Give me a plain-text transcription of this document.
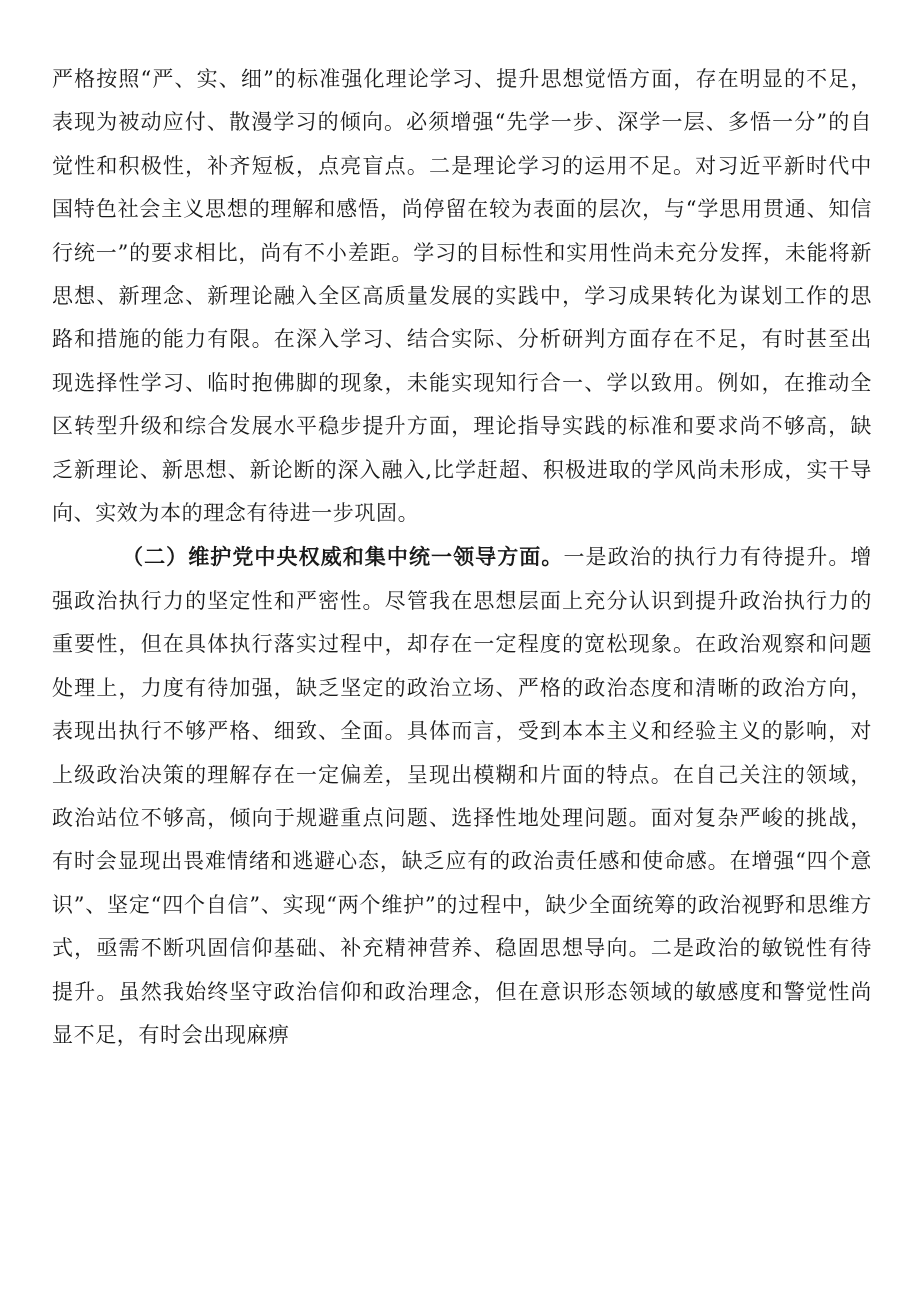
严格按照“严、实、细”的标准强化理论学习、提升思想觉悟方面，存在明显的不足，表现为被动应付、散漫学习的倾向。必须增强“先学一步、深学一层、多悟一分”的自觉性和积极性，补齐短板，点亮盲点。二是理论学习的运用不足。对习近平新时代中国特色社会主义思想的理解和感悟，尚停留在较为表面的层次，与“学思用贯通、知信行统一”的要求相比，尚有不小差距。学习的目标性和实用性尚未充分发挥，未能将新思想、新理念、新理论融入全区高质量发展的实践中，学习成果转化为谋划工作的思路和措施的能力有限。在深入学习、结合实际、分析研判方面存在不足，有时甚至出现选择性学习、临时抱佛脚的现象，未能实现知行合一、学以致用。例如，在推动全区转型升级和综合发展水平稳步提升方面，理论指导实践的标准和要求尚不够高，缺乏新理论、新思想、新论断的深入融入,比学赶超、积极进取的学风尚未形成，实干导向、实效为本的理念有待进一步巩固。

（二）维护党中央权威和集中统一领导方面。一是政治的执行力有待提升。增强政治执行力的坚定性和严密性。尽管我在思想层面上充分认识到提升政治执行力的重要性，但在具体执行落实过程中，却存在一定程度的宽松现象。在政治观察和问题处理上，力度有待加强，缺乏坚定的政治立场、严格的政治态度和清晰的政治方向，表现出执行不够严格、细致、全面。具体而言，受到本本主义和经验主义的影响，对上级政治决策的理解存在一定偏差，呈现出模糊和片面的特点。在自己关注的领域，政治站位不够高，倾向于规避重点问题、选择性地处理问题。面对复杂严峻的挑战，有时会显现出畏难情绪和逃避心态，缺乏应有的政治责任感和使命感。在增强“四个意识”、坚定“四个自信”、实现“两个维护”的过程中，缺少全面统筹的政治视野和思维方式，亟需不断巩固信仰基础、补充精神营养、稳固思想导向。二是政治的敏锐性有待提升。虽然我始终坚守政治信仰和政治理念，但在意识形态领域的敏感度和警觉性尚显不足，有时会出现麻痹
